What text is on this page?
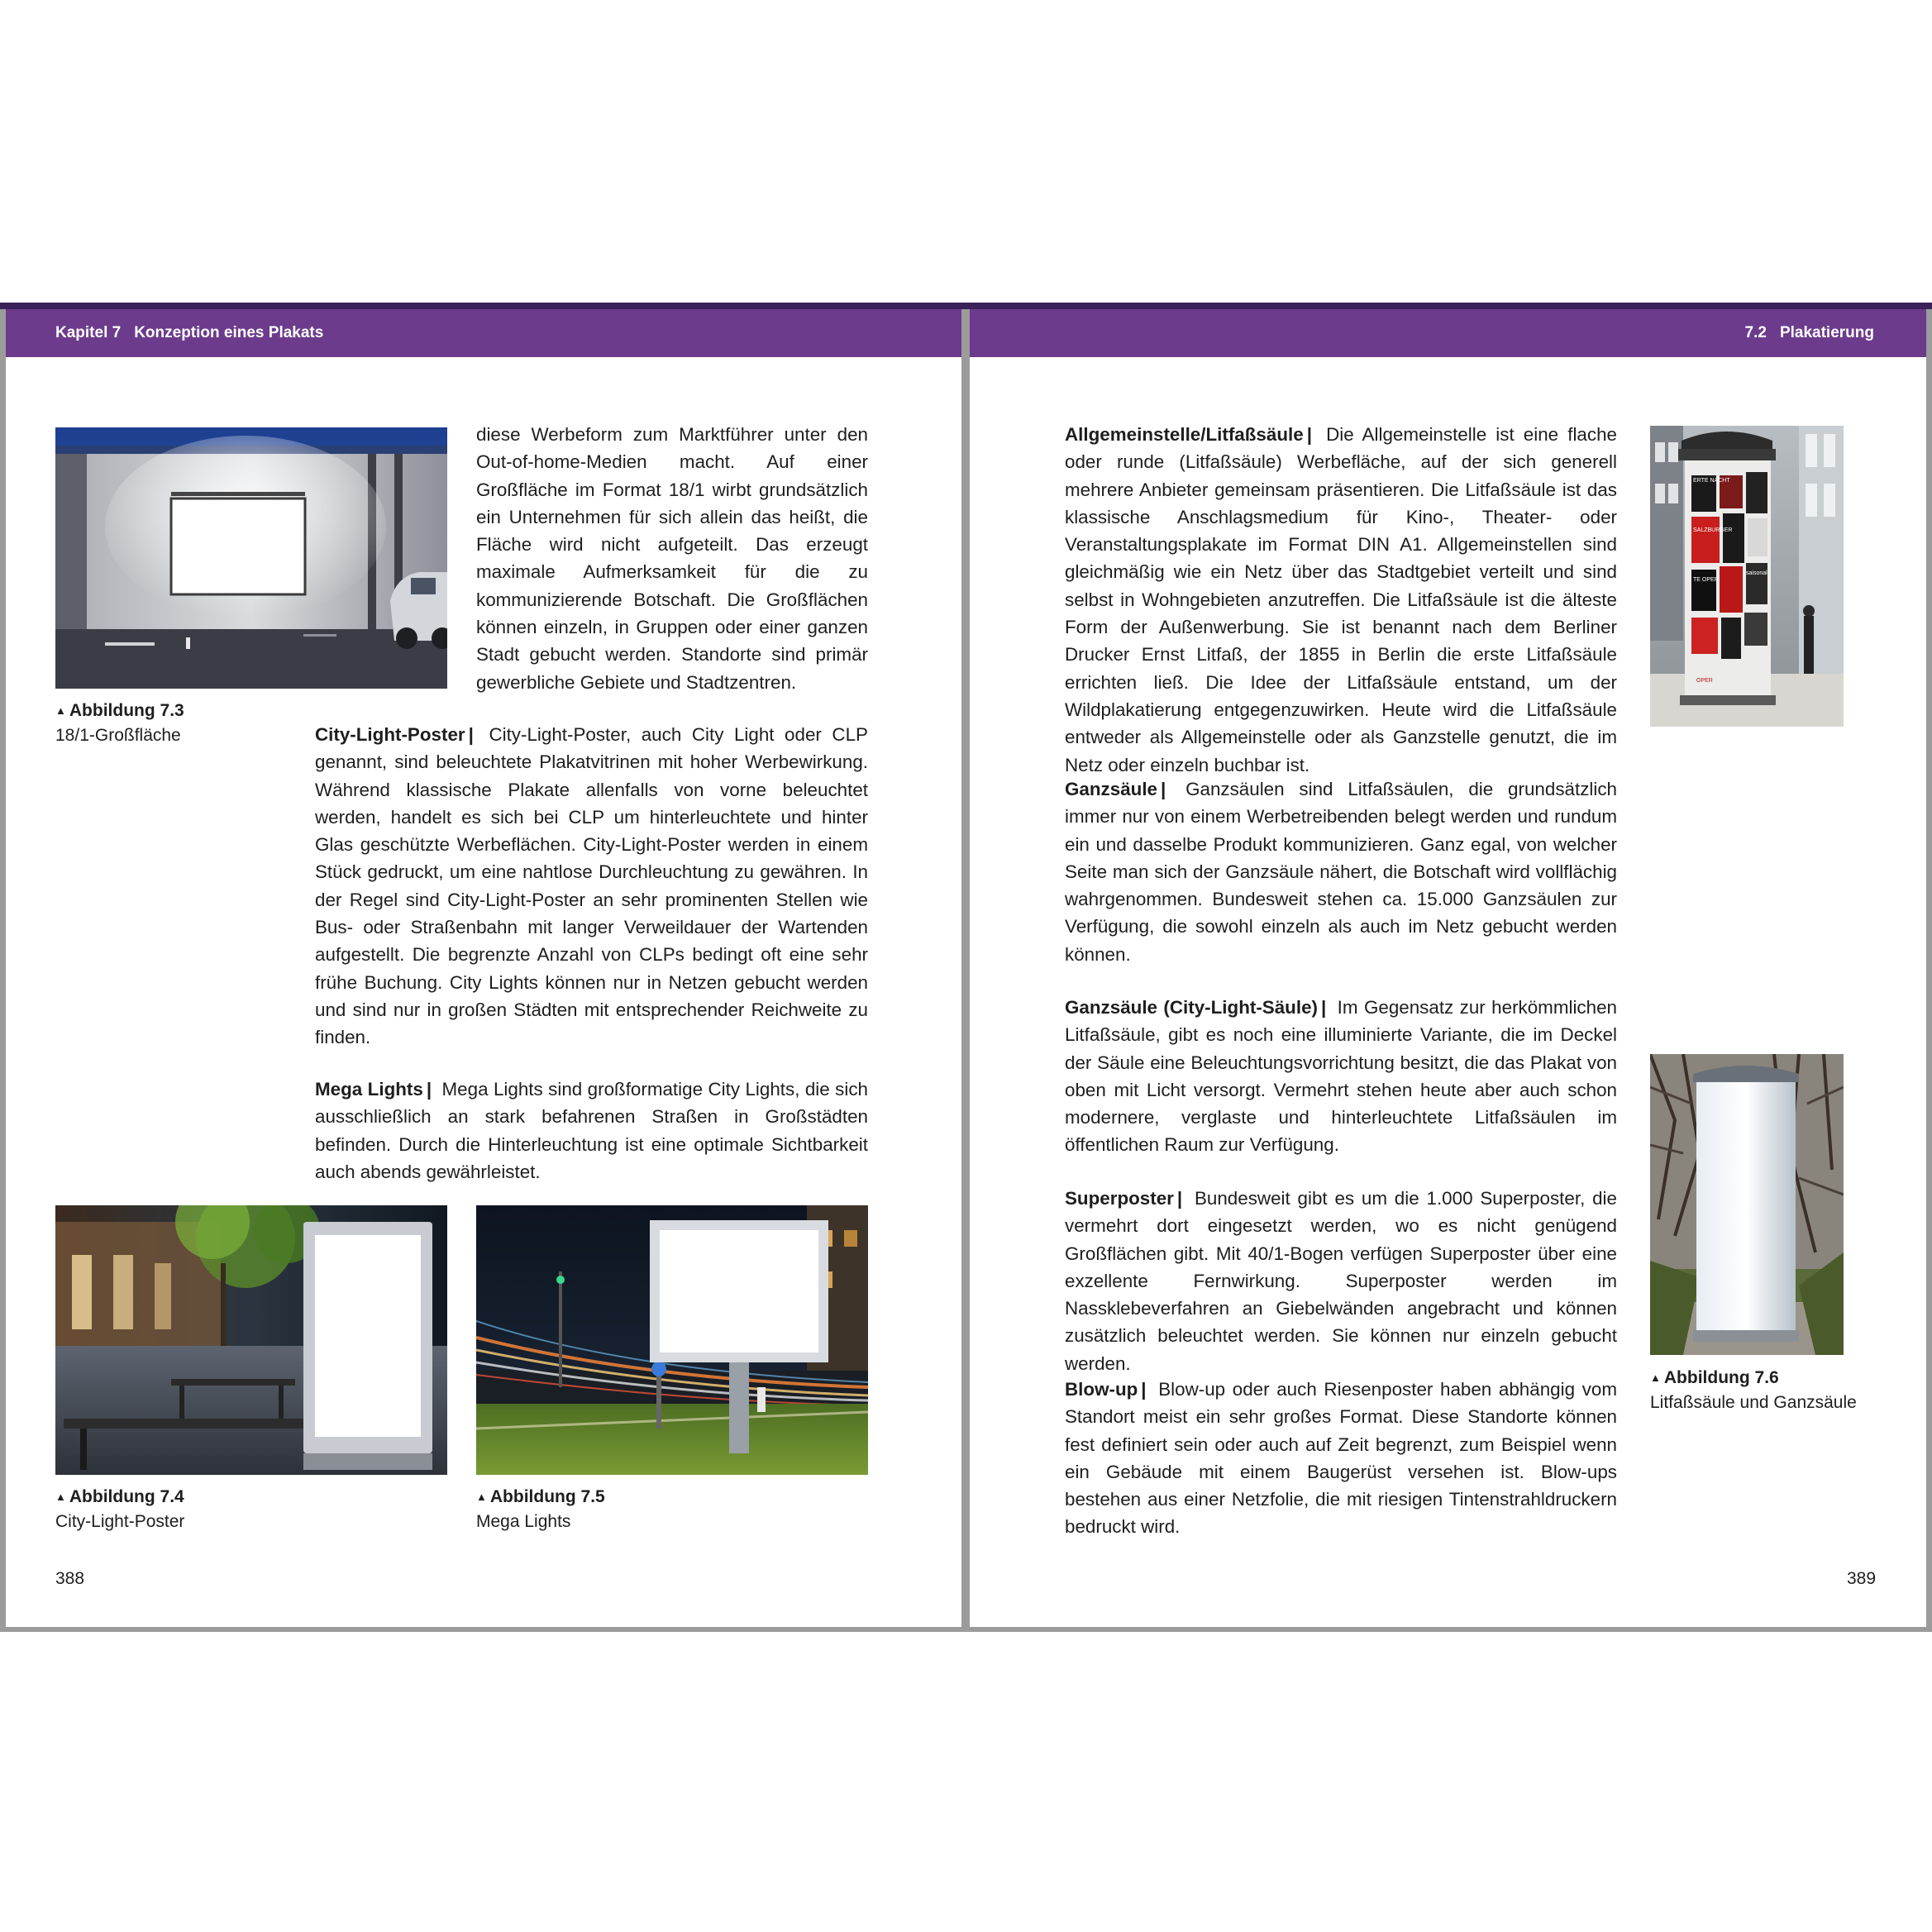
Kapitel 7 Konzeption eines Plakats	7.2 Plakatierung
diese Werbeform zum Marktführer unter den Out-of-home-Medien macht. Auf einer Großfläche im Format 18/1 wirbt grundsätzlich ein Unternehmen für sich allein das heißt, die Fläche wird nicht aufgeteilt. Das erzeugt maximale Aufmerksamkeit für die zu kommunizierende Botschaft. Die Großflächen können einzeln, in Gruppen oder einer ganzen Stadt gebucht werden. Standorte sind primär gewerbliche Gebiete und Stadtzentren.
▲ Abbildung 7.3
18/1-Großfläche	City-Light-Poster | City-Light-Poster, auch City Light oder CLP genannt, sind beleuchtete Plakatvitrinen mit hoher Werbewirkung. Während klassische Plakate allenfalls von vorne beleuchtet werden, handelt es sich bei CLP um hinterleuchtete und hinter Glas geschützte Werbeflächen. City-Light-Poster werden in einem Stück gedruckt, um eine nahtlose Durchleuchtung zu gewähren. In der Regel sind City-Light-Poster an sehr prominenten Stellen wie Bus- oder Straßenbahn mit langer Verweildauer der Wartenden aufgestellt. Die begrenzte Anzahl von CLPs bedingt oft eine sehr frühe Buchung. City Lights können nur in Netzen gebucht werden und sind nur in großen Städten mit entsprechender Reichweite zu finden.
Mega Lights | Mega Lights sind großformatige City Lights, die sich ausschließlich an stark befahrenen Straßen in Großstädten befinden. Durch die Hinterleuchtung ist eine optimale Sichtbarkeit auch abends gewährleistet.
▲ Abbildung 7.4
City-Light-Poster
▲ Abbildung 7.5
Mega Lights
388
Allgemeinstelle/Litfaßsäule | Die Allgemeinstelle ist eine flache oder runde (Litfaßsäule) Werbefläche, auf der sich generell mehrere Anbieter gemeinsam präsentieren. Die Litfaßsäule ist das klassische Anschlagsmedium für Kino-, Theater- oder Veranstaltungsplakate im Format DIN A1. Allgemeinstellen sind gleichmäßig wie ein Netz über das Stadtgebiet verteilt und sind selbst in Wohngebieten anzutreffen. Die Litfaßsäule ist die älteste Form der Außenwerbung. Sie ist benannt nach dem Berliner Drucker Ernst Litfaß, der 1855 in Berlin die erste Litfaßsäule errichten ließ. Die Idee der Litfaßsäule entstand, um der Wildplakatierung entgegenzuwirken. Heute wird die Litfaßsäule entweder als Allgemeinstelle oder als Ganzstelle genutzt, die im Netz oder einzeln buchbar ist.
Ganzsäule | Ganzsäulen sind Litfaßsäulen, die grundsätzlich immer nur von einem Werbetreibenden belegt werden und rundum ein und dasselbe Produkt kommunizieren. Ganz egal, von welcher Seite man sich der Ganzsäule nähert, die Botschaft wird vollflächig wahrgenommen. Bundesweit stehen ca. 15.000 Ganzsäulen zur Verfügung, die sowohl einzeln als auch im Netz gebucht werden können.
Ganzsäule (City-Light-Säule) | Im Gegensatz zur herkömmlichen Litfaßsäule, gibt es noch eine illuminierte Variante, die im Deckel der Säule eine Beleuchtungsvorrichtung besitzt, die das Plakat von oben mit Licht versorgt. Vermehrt stehen heute aber auch schon modernere, verglaste und hinterleuchtete Litfaßsäulen im öffentlichen Raum zur Verfügung.
Superposter | Bundesweit gibt es um die 1.000 Superposter, die vermehrt dort eingesetzt werden, wo es nicht genügend Großflächen gibt. Mit 40/1-Bogen verfügen Superposter über eine exzellente Fernwirkung. Superposter werden im Nassklebeverfahren an Giebelwänden angebracht und können zusätzlich beleuchtet werden. Sie können nur einzeln gebucht werden.
Blow-up | Blow-up oder auch Riesenposter haben abhängig vom Standort meist ein sehr großes Format. Diese Standorte können fest definiert sein oder auch auf Zeit begrenzt, zum Beispiel wenn ein Gebäude mit einem Baugerüst versehen ist. Blow-ups bestehen aus einer Netzfolie, die mit riesigen Tintenstrahldruckern bedruckt wird.
ERTE NACHT
SALZBURGER
TE OPER
saisonal
OPER
▲ Abbildung 7.6
Litfaßsäule und Ganzsäule
389
